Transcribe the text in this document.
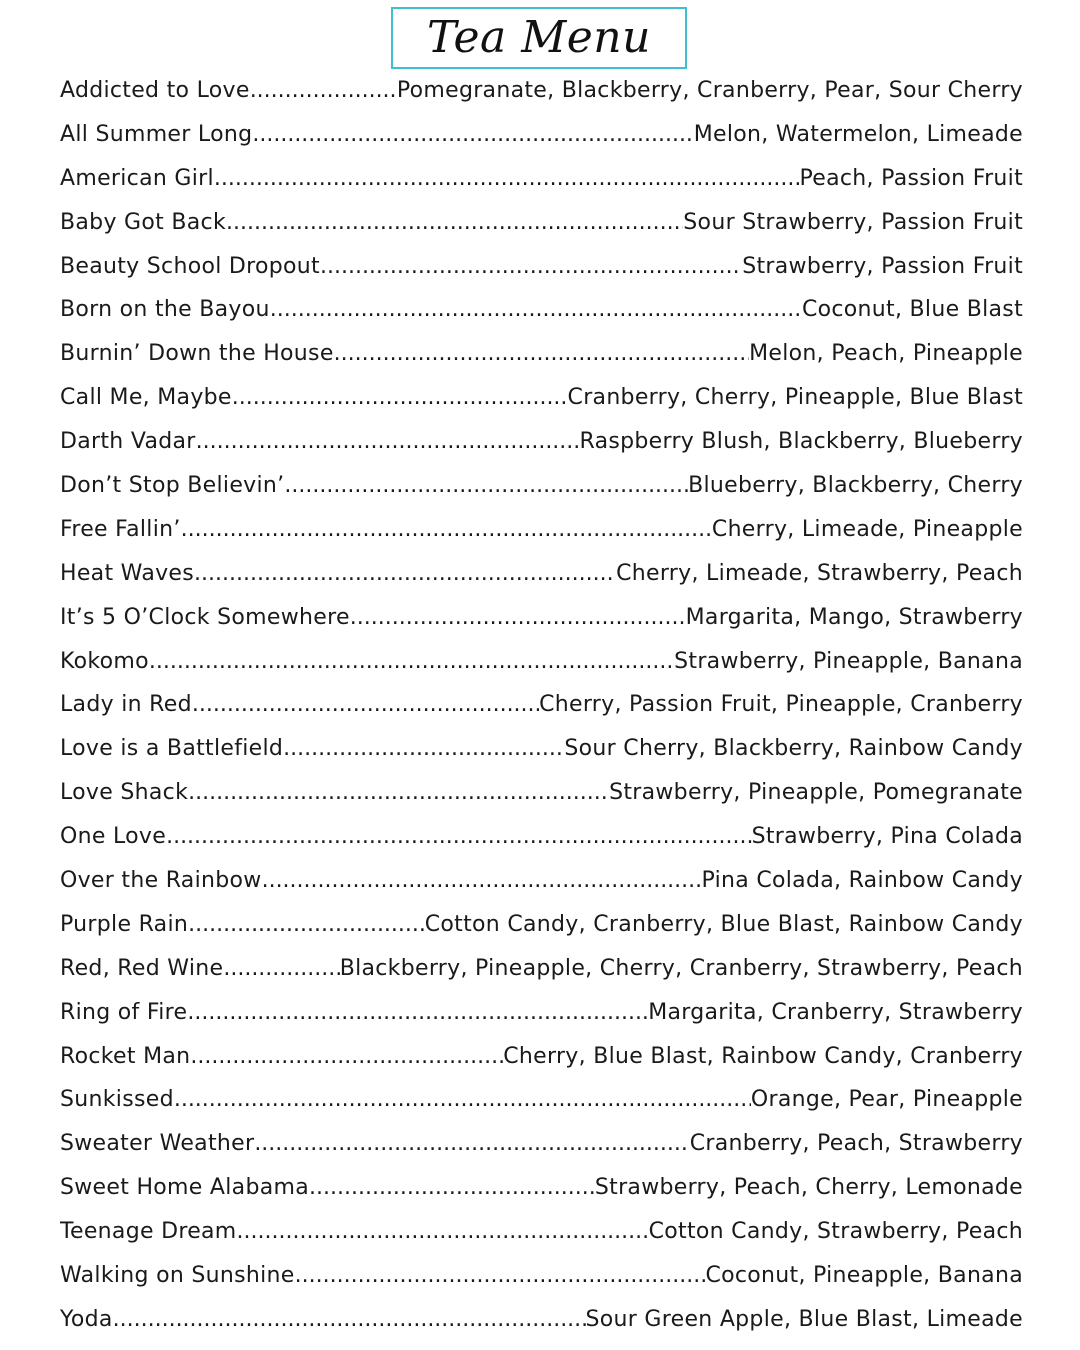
Tea Menu
Addicted to Love .....	Pomegranate, Blackberry, Cranberry, Pear, Sour Cherry
All Summer Long .....	Melon, Watermelon, Limeade
American Girl .....	Peach, Passion Fruit
Baby Got Back .....	Sour Strawberry, Passion Fruit
Beauty School Dropout .....	Strawberry, Passion Fruit
Born on the Bayou .....	Coconut, Blue Blast
Burnin’ Down the House .....	Melon, Peach, Pineapple
Call Me, Maybe .....	Cranberry, Cherry, Pineapple, Blue Blast
Darth Vadar .....	Raspberry Blush, Blackberry, Blueberry
Don’t Stop Believin’ .....	Blueberry, Blackberry, Cherry
Free Fallin’ .....	Cherry, Limeade, Pineapple
Heat Waves .....	Cherry, Limeade, Strawberry, Peach
It’s 5 O’Clock Somewhere .....	Margarita, Mango, Strawberry
Kokomo .....	Strawberry, Pineapple, Banana
Lady in Red .....	Cherry, Passion Fruit, Pineapple, Cranberry
Love is a Battlefield .....	Sour Cherry, Blackberry, Rainbow Candy
Love Shack .....	Strawberry, Pineapple, Pomegranate
One Love .....	Strawberry, Pina Colada
Over the Rainbow .....	Pina Colada, Rainbow Candy
Purple Rain .....	Cotton Candy, Cranberry, Blue Blast, Rainbow Candy
Red, Red Wine .....	Blackberry, Pineapple, Cherry, Cranberry, Strawberry, Peach
Ring of Fire .....	Margarita, Cranberry, Strawberry
Rocket Man .....	Cherry, Blue Blast, Rainbow Candy, Cranberry
Sunkissed .....	Orange, Pear, Pineapple
Sweater Weather .....	Cranberry, Peach, Strawberry
Sweet Home Alabama .....	Strawberry, Peach, Cherry, Lemonade
Teenage Dream .....	Cotton Candy, Strawberry, Peach
Walking on Sunshine .....	Coconut, Pineapple, Banana
Yoda .....	Sour Green Apple, Blue Blast, Limeade
